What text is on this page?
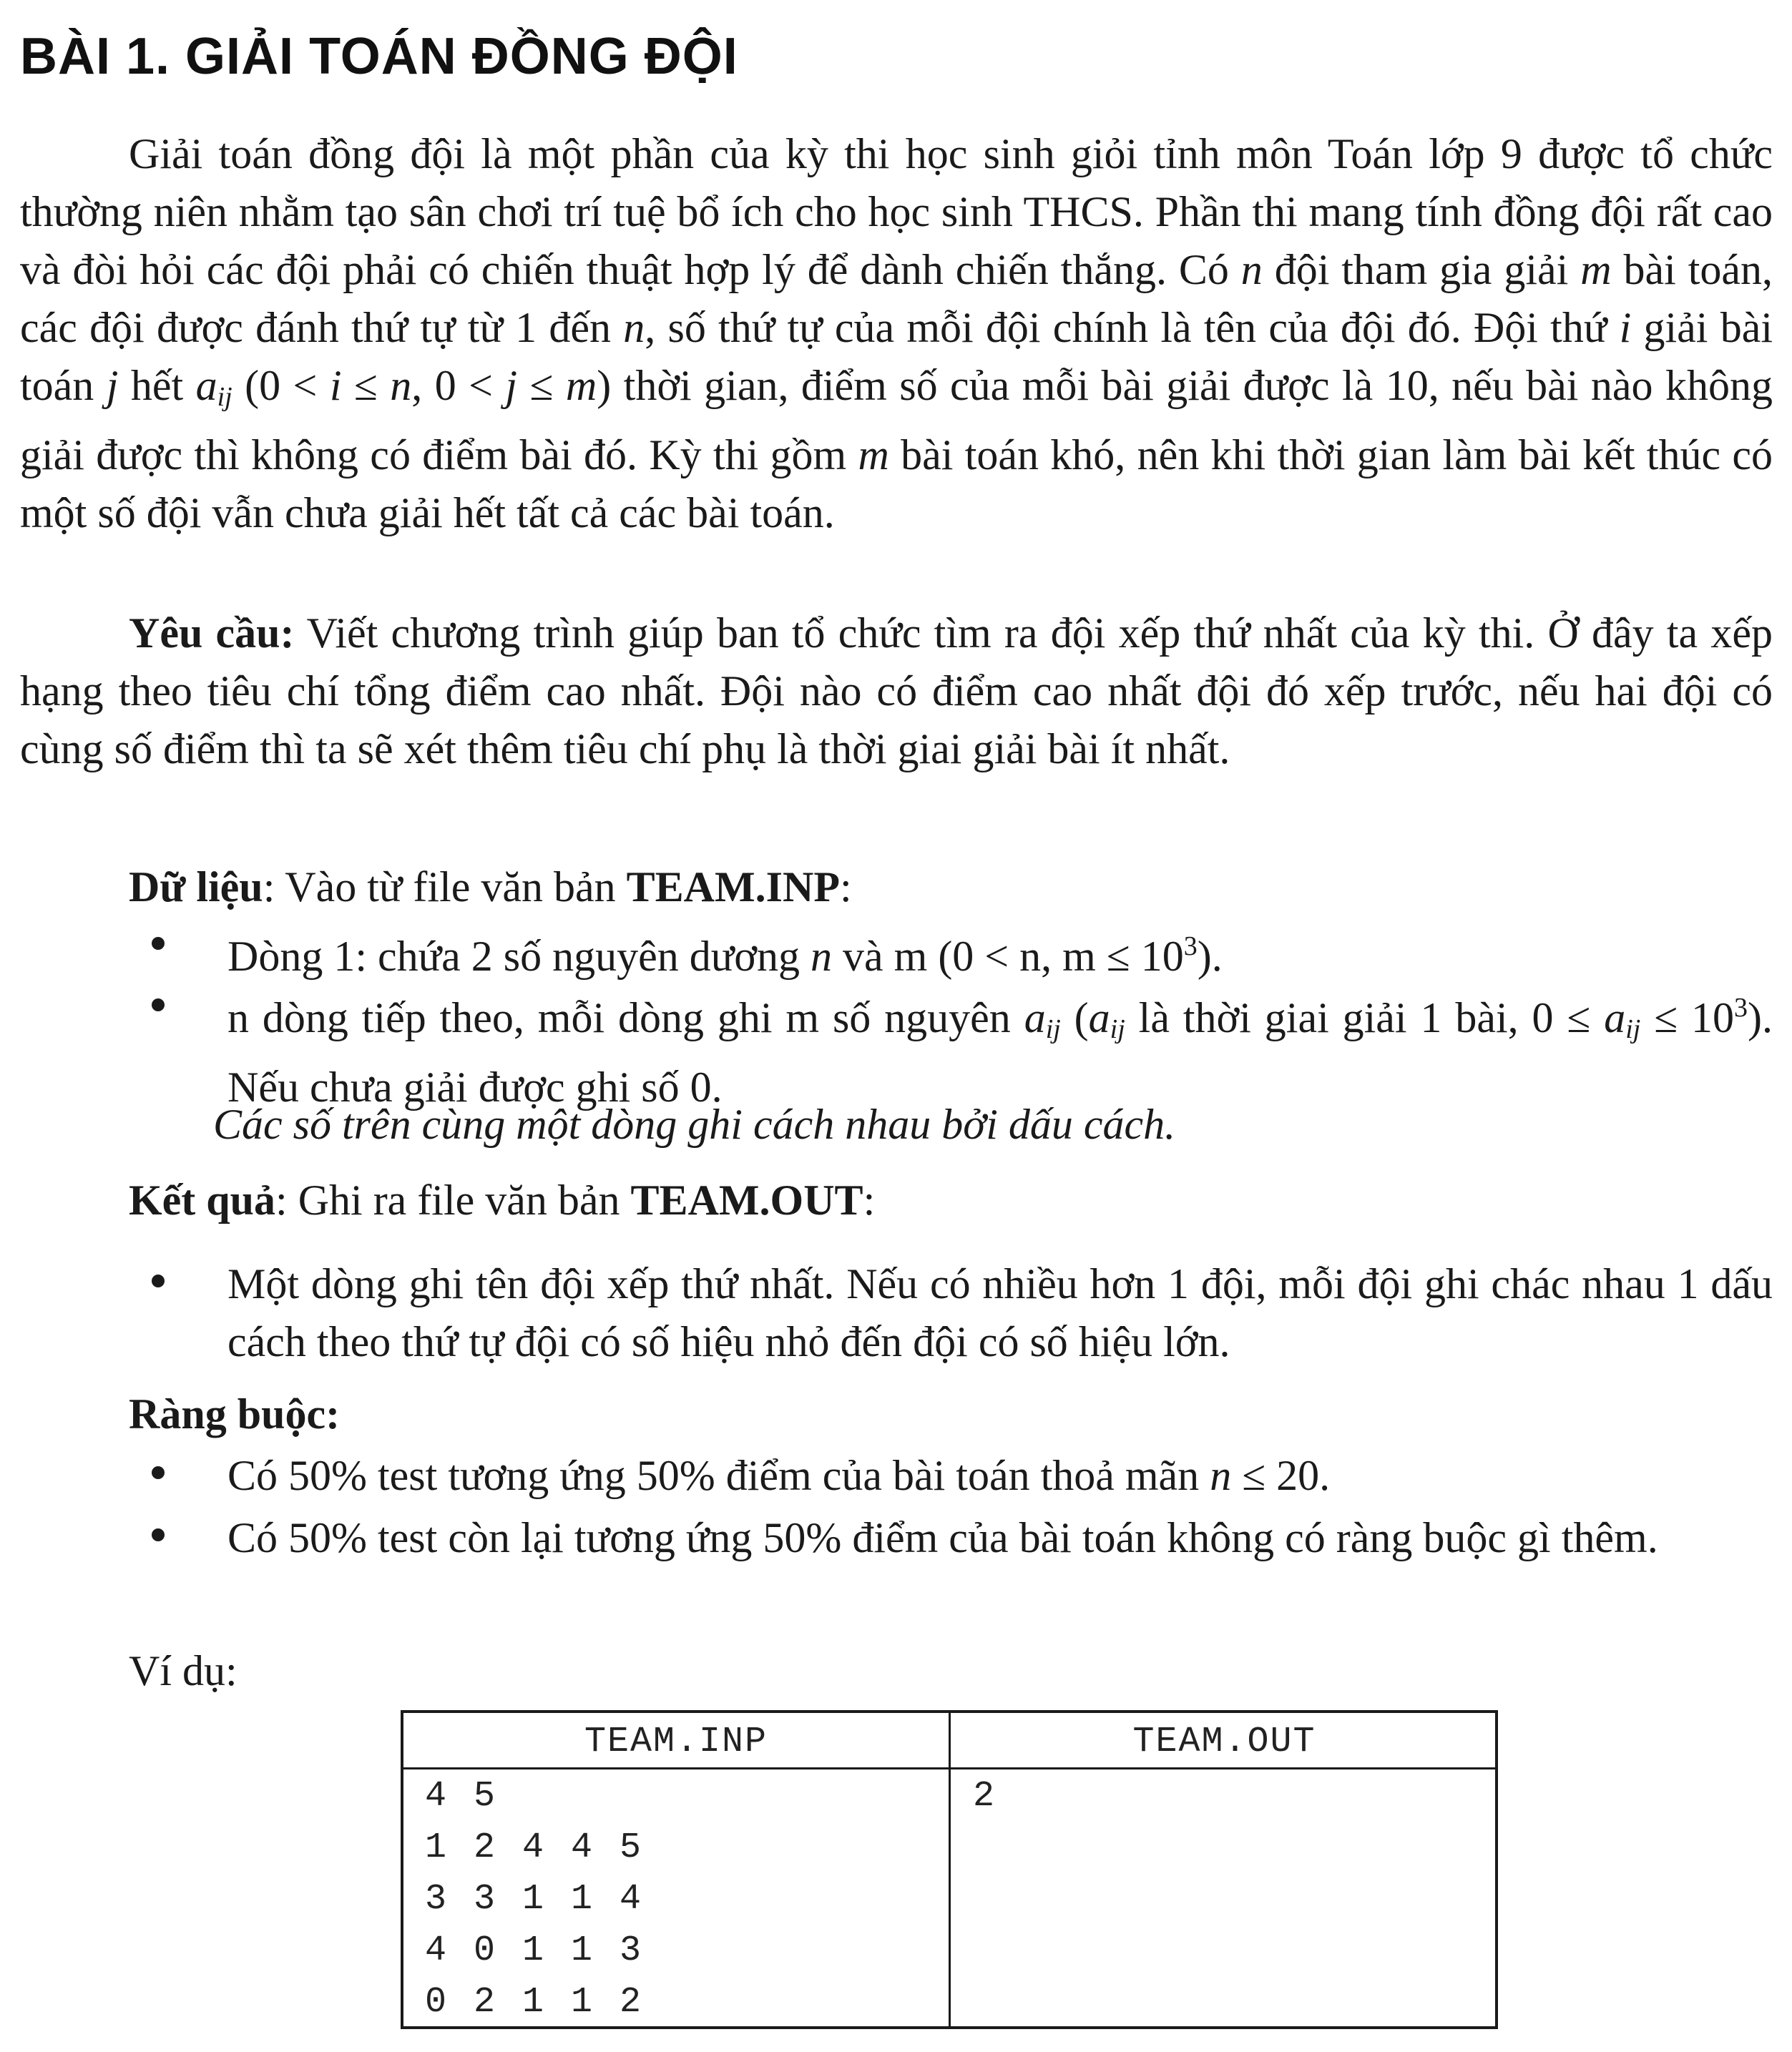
BÀI 1. GIẢI TOÁN ĐỒNG ĐỘI
Giải toán đồng đội là một phần của kỳ thi học sinh giỏi tỉnh môn Toán lớp 9 được tổ chức thường niên nhằm tạo sân chơi trí tuệ bổ ích cho học sinh THCS. Phần thi mang tính đồng đội rất cao và đòi hỏi các đội phải có chiến thuật hợp lý để dành chiến thắng. Có n đội tham gia giải m bài toán, các đội được đánh thứ tự từ 1 đến n, số thứ tự của mỗi đội chính là tên của đội đó. Đội thứ i giải bài toán j hết $a_{ij}$ (0 < i ≤ n, 0 < j ≤ m) thời gian, điểm số của mỗi bài giải được là 10, nếu bài nào không giải được thì không có điểm bài đó. Kỳ thi gồm m bài toán khó, nên khi thời gian làm bài kết thúc có một số đội vẫn chưa giải hết tất cả các bài toán.
Yêu cầu: Viết chương trình giúp ban tổ chức tìm ra đội xếp thứ nhất của kỳ thi. Ở đây ta xếp hạng theo tiêu chí tổng điểm cao nhất. Đội nào có điểm cao nhất đội đó xếp trước, nếu hai đội có cùng số điểm thì ta sẽ xét thêm tiêu chí phụ là thời giai giải bài ít nhất.
Dữ liệu: Vào từ file văn bản TEAM.INP:
Dòng 1: chứa 2 số nguyên dương n và m (0 < n, $m \le 10^3$).
n dòng tiếp theo, mỗi dòng ghi m số nguyên $a_{ij}$ ($a_{ij}$ là thời giai giải 1 bài, $0 \le a_{ij} \le 10^3$). Nếu chưa giải được ghi số 0.
Các số trên cùng một dòng ghi cách nhau bởi dấu cách.
Kết quả: Ghi ra file văn bản TEAM.OUT:
Một dòng ghi tên đội xếp thứ nhất. Nếu có nhiều hơn 1 đội, mỗi đội ghi chác nhau 1 dấu cách theo thứ tự đội có số hiệu nhỏ đến đội có số hiệu lớn.
Ràng buộc:
Có 50% test tương ứng 50% điểm của bài toán thoả mãn n ≤ 20.
Có 50% test còn lại tương ứng 50% điểm của bài toán không có ràng buộc gì thêm.
Ví dụ:
TEAM.INP	TEAM.OUT
4 5
1 2 4 4 5
3 3 1 1 4
4 0 1 1 3
0 2 1 1 2
2
